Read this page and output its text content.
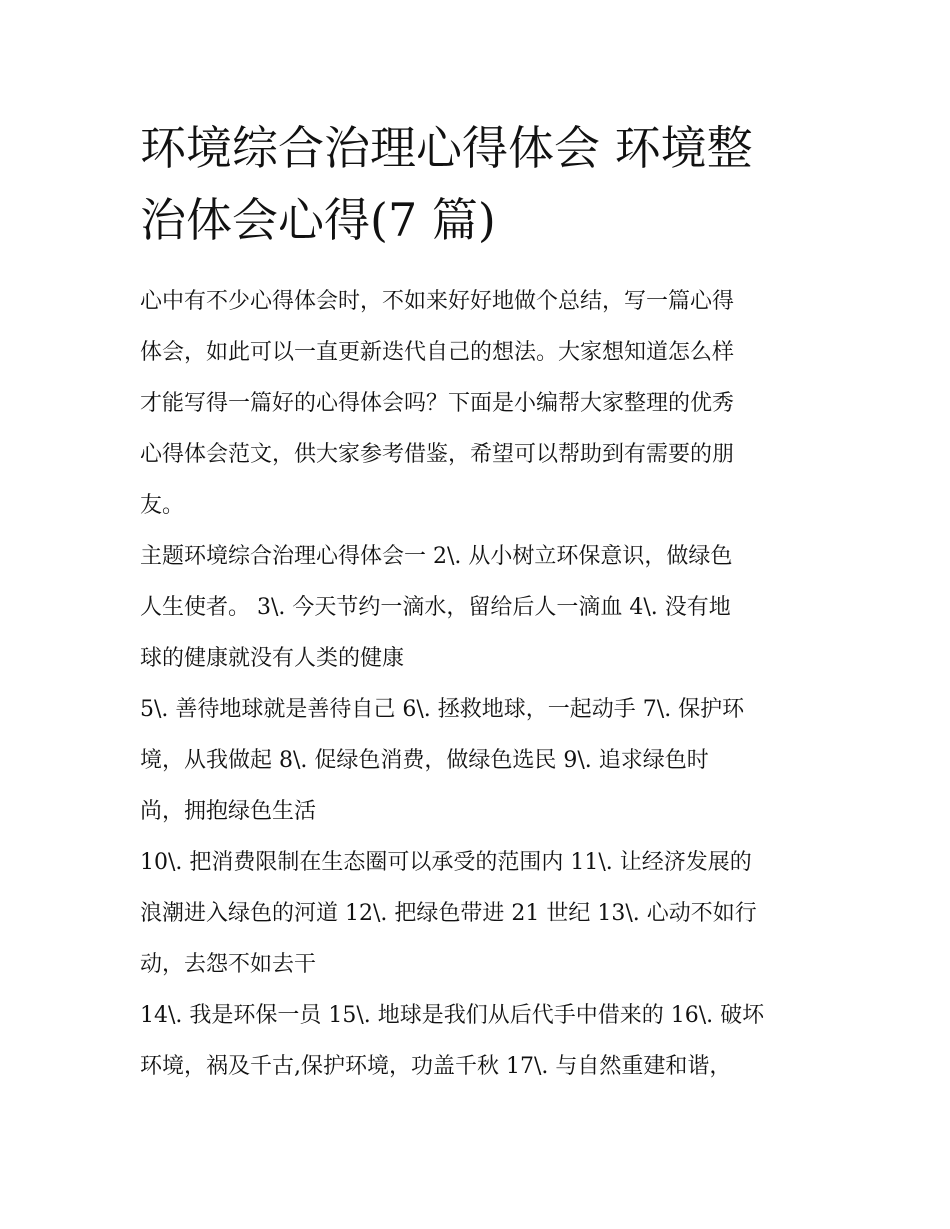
环境综合治理心得体会 环境整
治体会心得(7 篇)

心中有不少心得体会时，不如来好好地做个总结，写一篇心得
体会，如此可以一直更新迭代自己的想法。大家想知道怎么样
才能写得一篇好的心得体会吗？下面是小编帮大家整理的优秀
心得体会范文，供大家参考借鉴，希望可以帮助到有需要的朋
友。

主题环境综合治理心得体会一 2\. 从小树立环保意识，做绿色
人生使者。 3\. 今天节约一滴水，留给后人一滴血 4\. 没有地
球的健康就没有人类的健康

5\. 善待地球就是善待自己 6\. 拯救地球，一起动手 7\. 保护环
境，从我做起 8\. 促绿色消费，做绿色选民 9\. 追求绿色时
尚，拥抱绿色生活

10\. 把消费限制在生态圈可以承受的范围内 11\. 让经济发展的
浪潮进入绿色的河道 12\. 把绿色带进 21 世纪 13\. 心动不如行
动，去怨不如去干

14\. 我是环保一员 15\. 地球是我们从后代手中借来的 16\. 破坏
环境，祸及千古,保护环境，功盖千秋 17\. 与自然重建和谐，
